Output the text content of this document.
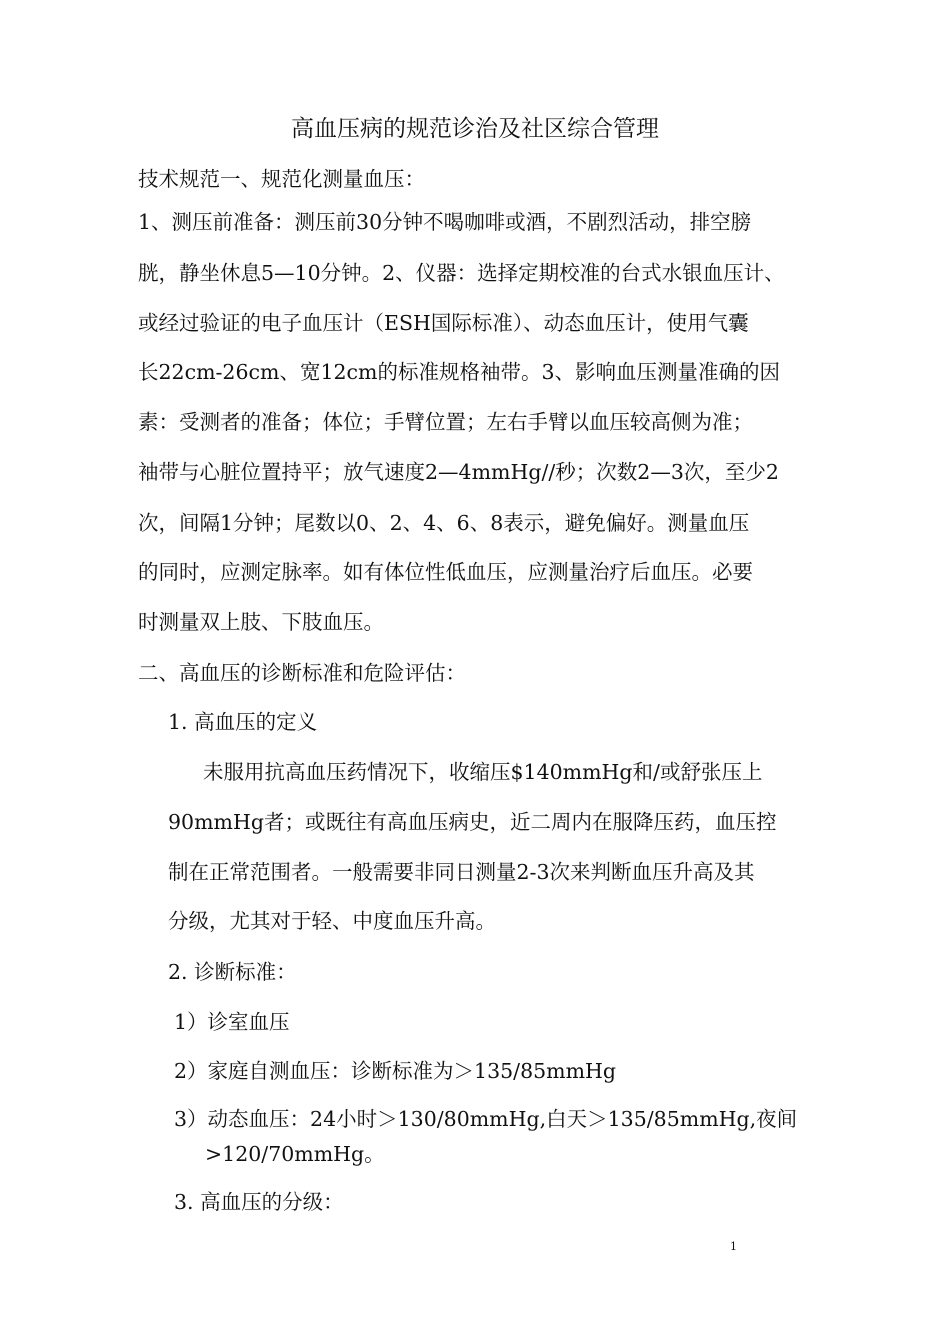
高血压病的规范诊治及社区综合管理
技术规范一、规范化测量血压：
1、测压前准备：测压前30分钟不喝咖啡或酒，不剧烈活动，排空膀
胱，静坐休息5—10分钟。2、仪器：选择定期校准的台式水银血压计、
或经过验证的电子血压计（ESH国际标准）、动态血压计，使用气囊
长22cm-26cm、宽12cm的标准规格袖带。3、影响血压测量准确的因
素：受测者的准备；体位；手臂位置；左右手臂以血压较高侧为准；
袖带与心脏位置持平；放气速度2—4mmHg//秒；次数2—3次，至少2
次，间隔1分钟；尾数以0、2、4、6、8表示，避免偏好。测量血压
的同时，应测定脉率。如有体位性低血压，应测量治疗后血压。必要
时测量双上肢、下肢血压。
二、高血压的诊断标准和危险评估：
1. 高血压的定义
未服用抗高血压药情况下，收缩压$140mmHg和/或舒张压上
90mmHg者；或既往有高血压病史，近二周内在服降压药，血压控
制在正常范围者。一般需要非同日测量2-3次来判断血压升高及其
分级，尤其对于轻、中度血压升高。
2. 诊断标准：
1）诊室血压
2）家庭自测血压：诊断标准为＞135/85mmHg
3）动态血压：24小时＞130/80mmHg,白天＞135/85mmHg,夜间
>120/70mmHg。
3. 高血压的分级：
1
